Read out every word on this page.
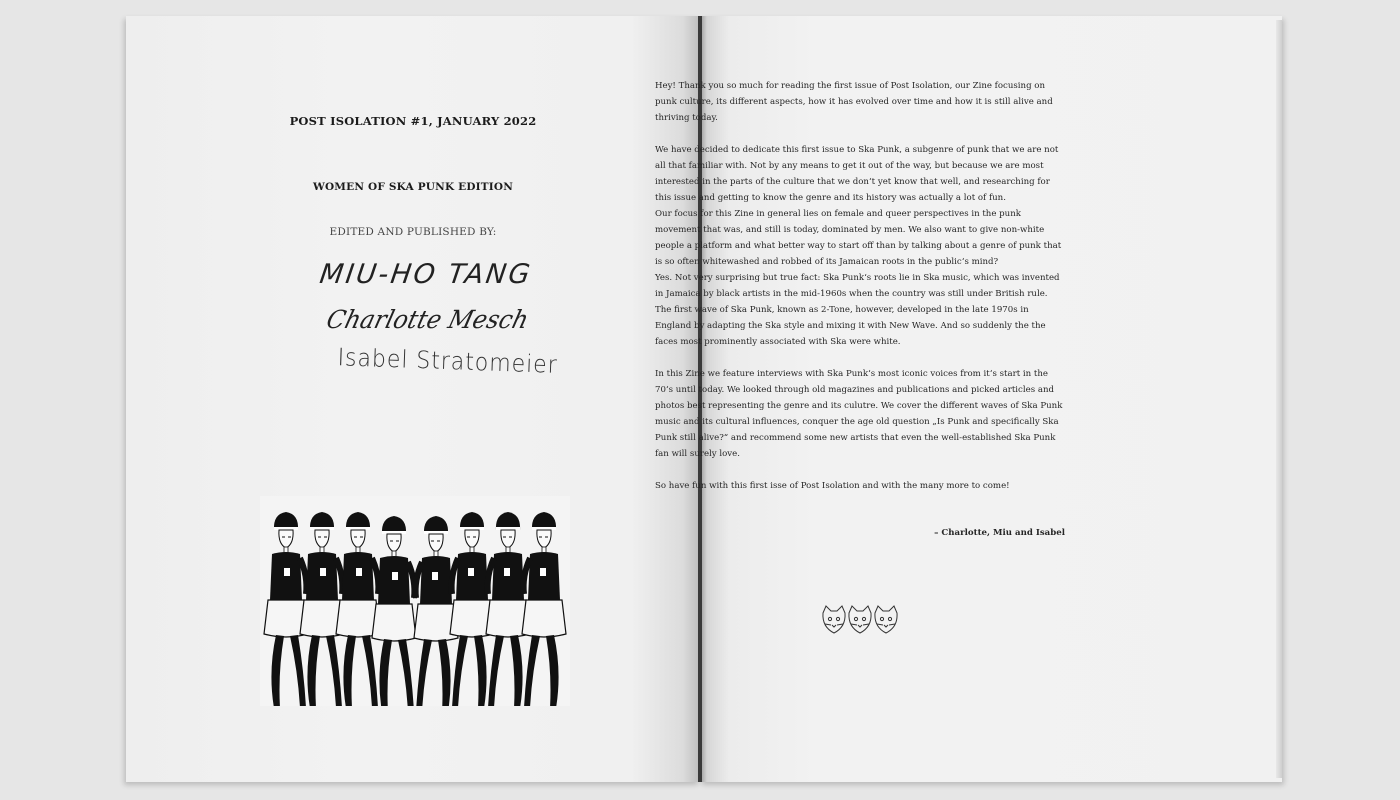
POST ISOLATION #1, JANUARY 2022
WOMEN OF SKA PUNK EDITION
EDITED AND PUBLISHED BY:
MIU-HO TANG
Charlotte Mesch
Isabel Stratomeier

Hey! Thank you so much for reading the first issue of Post Isolation, our Zine focusing on punk culture, its different aspects, how it has evolved over time and how it is still alive and thriving today.

We have decided to dedicate this first issue to Ska Punk, a subgenre of punk that we are not all that familiar with. Not by any means to get it out of the way, but because we are most interested in the parts of the culture that we don‘t yet know that well, and researching for this issue and getting to know the genre and its history was actually a lot of fun.

Our focus for this Zine in general lies on female and queer perspectives in the punk movement that was, and still is today, dominated by men. We also want to give non-white people a platform and what better way to start off than by talking about a genre of punk that is so often whitewashed and robbed of its Jamaican roots in the public‘s mind?

Yes. Not very surprising but true fact: Ska Punk‘s roots lie in Ska music, which was invented in Jamaica by black artists in the mid-1960s when the country was still under British rule.

The first wave of Ska Punk, known as 2-Tone, however, developed in the late 1970s in England by adapting the Ska style and mixing it with New Wave. And so suddenly the the faces most prominently associated with Ska were white.

In this Zine we feature interviews with Ska Punk‘s most iconic voices from it‘s start in the 70‘s until today. We looked through old magazines and publications and picked articles and photos best representing the genre and its culutre. We cover the different waves of Ska Punk music and its cultural influences, conquer the age old question „Is Punk and specifically Ska Punk still alive?“ and recommend some new artists that even the well-established Ska Punk fan will surely love.

So have fun with this first isse of Post Isolation and with the many more to come!

– Charlotte, Miu and Isabel
